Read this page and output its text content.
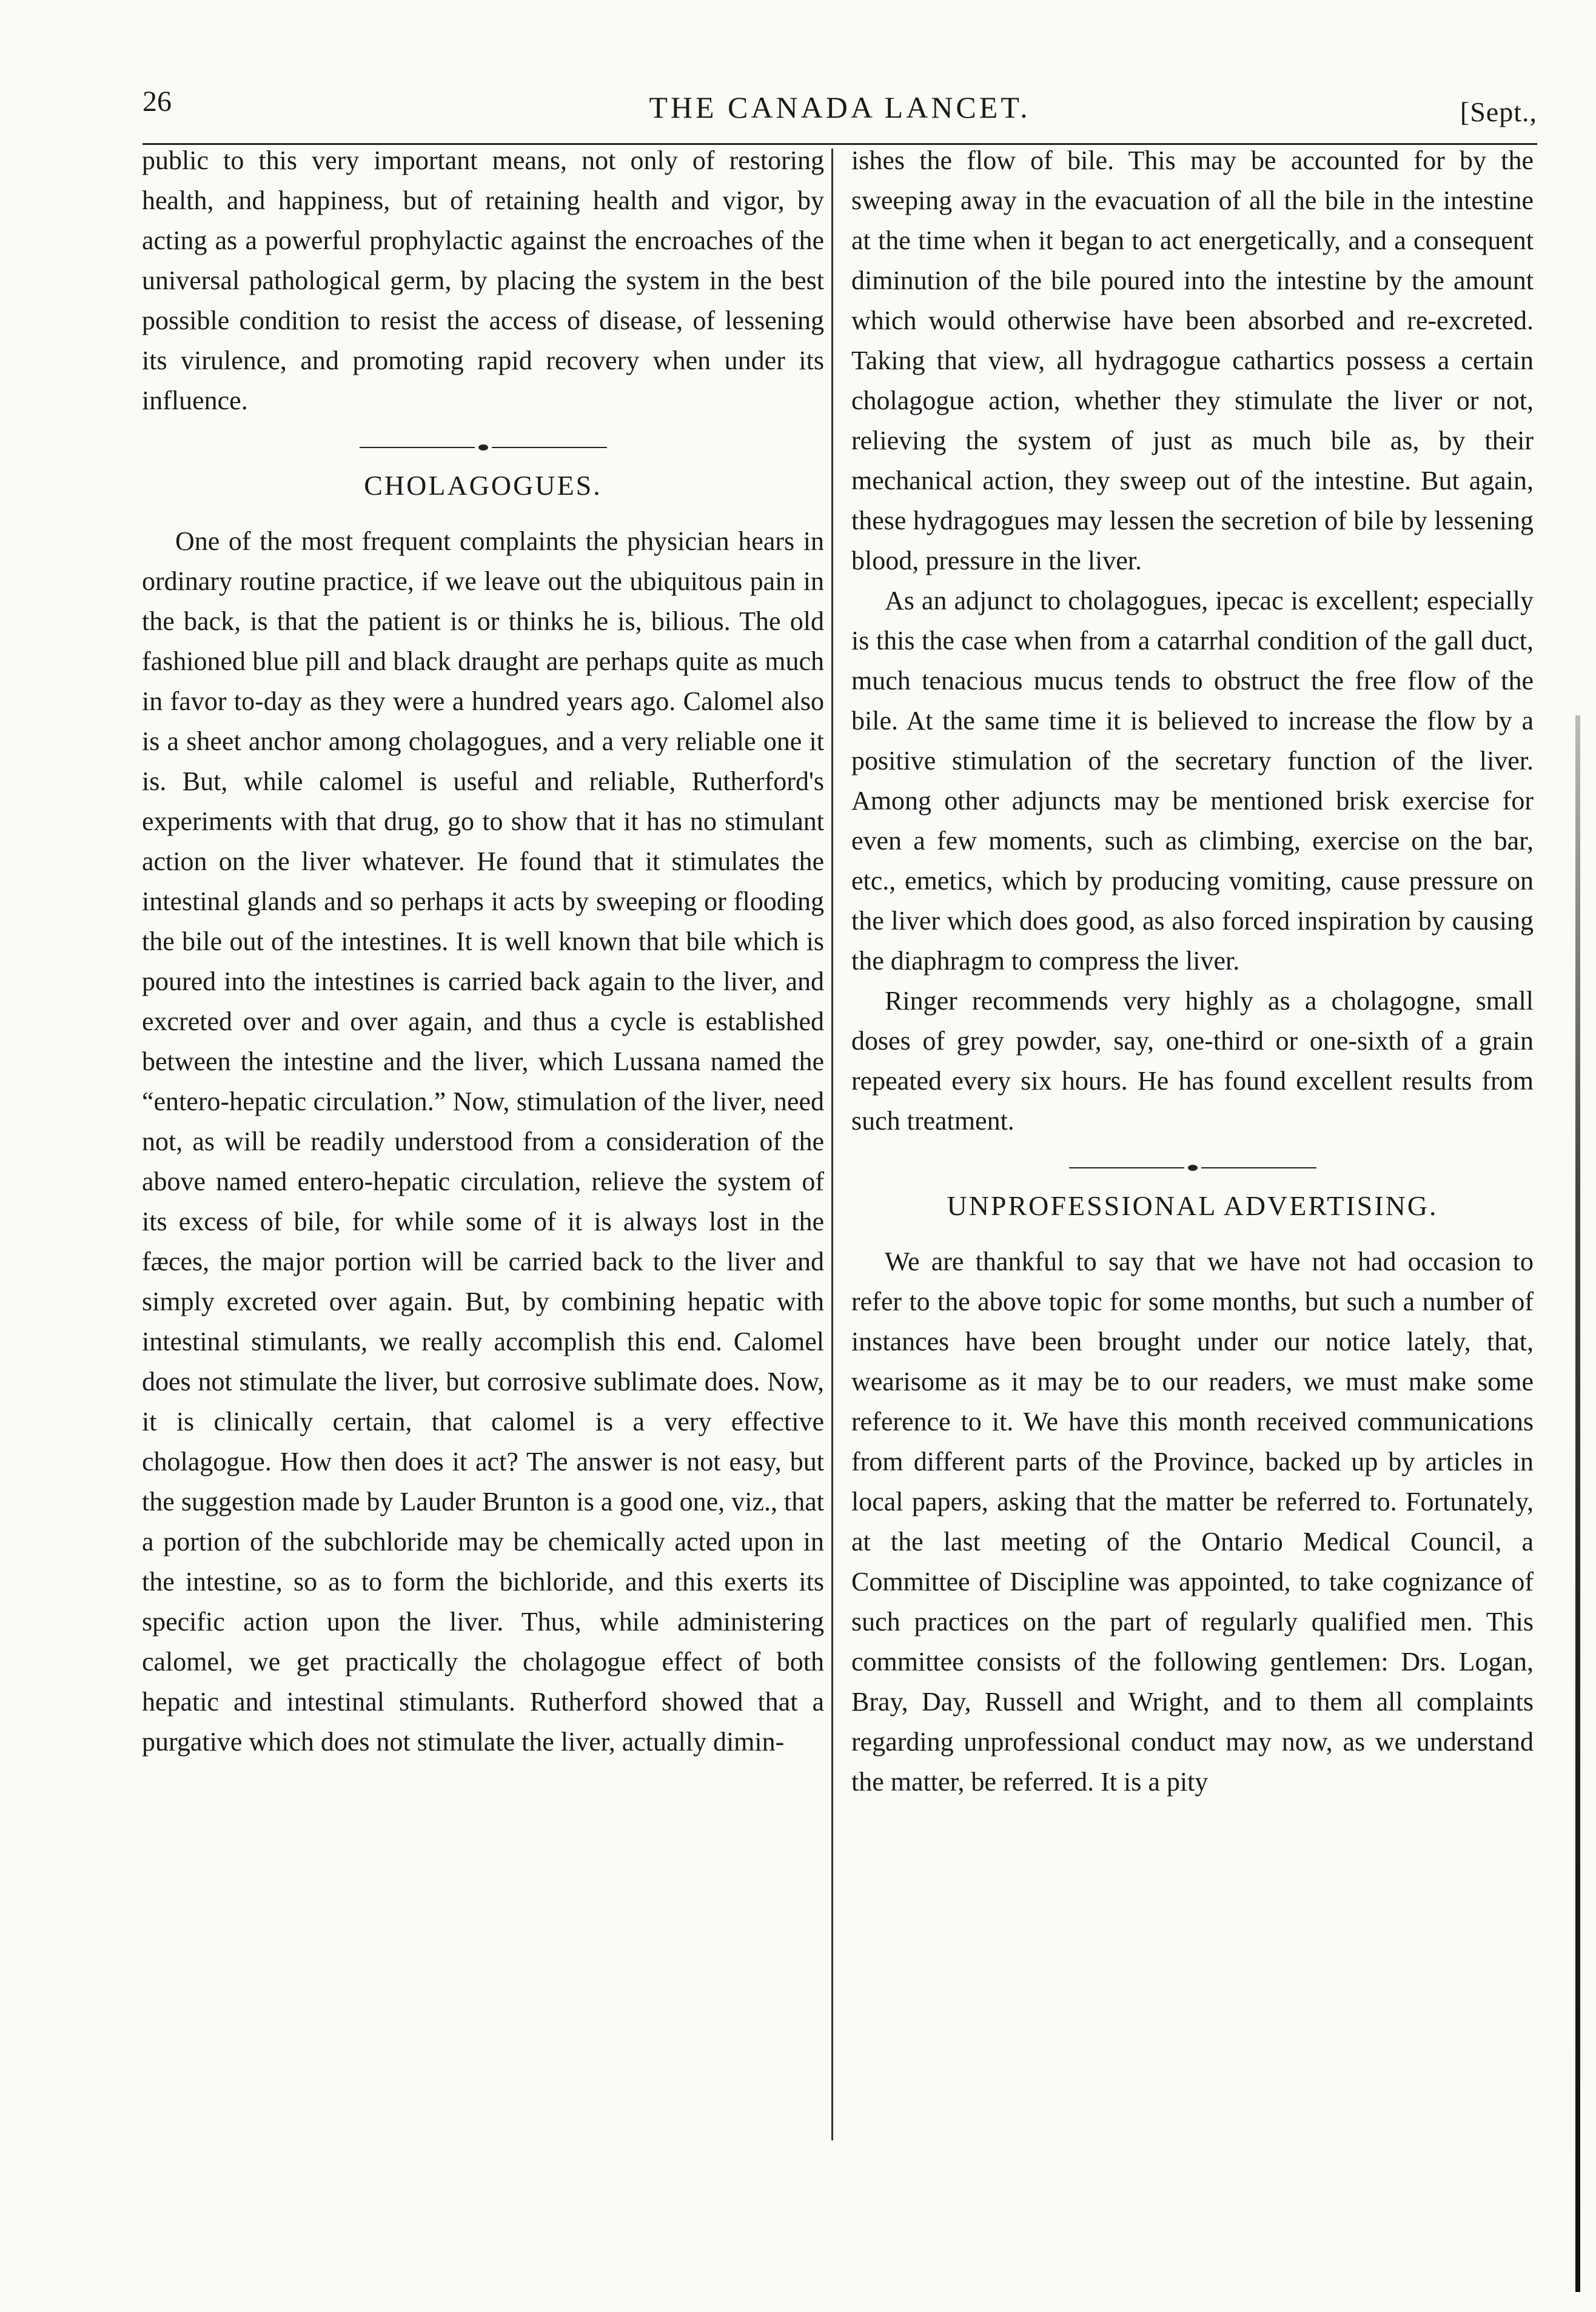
26	THE CANADA LANCET.	[Sept.,

public to this very important means, not only of restoring health, and happiness, but of retaining health and vigor, by acting as a powerful prophylactic against the encroaches of the universal pathological germ, by placing the system in the best possible condition to resist the access of disease, of lessening its virulence, and promoting rapid recovery when under its influence.

CHOLAGOGUES.

One of the most frequent complaints the physician hears in ordinary routine practice, if we leave out the ubiquitous pain in the back, is that the patient is or thinks he is, bilious. The old fashioned blue pill and black draught are perhaps quite as much in favor to-day as they were a hundred years ago. Calomel also is a sheet anchor among cholagogues, and a very reliable one it is. But, while calomel is useful and reliable, Rutherford's experiments with that drug, go to show that it has no stimulant action on the liver whatever. He found that it stimulates the intestinal glands and so perhaps it acts by sweeping or flooding the bile out of the intestines. It is well known that bile which is poured into the intestines is carried back again to the liver, and excreted over and over again, and thus a cycle is established between the intestine and the liver, which Lussana named the “entero-hepatic circulation.” Now, stimulation of the liver, need not, as will be readily understood from a consideration of the above named entero-hepatic circulation, relieve the system of its excess of bile, for while some of it is always lost in the fæces, the major portion will be carried back to the liver and simply excreted over again. But, by combining hepatic with intestinal stimulants, we really accomplish this end. Calomel does not stimulate the liver, but corrosive sublimate does. Now, it is clinically certain, that calomel is a very effective cholagogue. How then does it act? The answer is not easy, but the suggestion made by Lauder Brunton is a good one, viz., that a portion of the subchloride may be chemically acted upon in the intestine, so as to form the bichloride, and this exerts its specific action upon the liver. Thus, while administering calomel, we get practically the cholagogue effect of both hepatic and intestinal stimulants. Rutherford showed that a purgative which does not stimulate the liver, actually dimin-

ishes the flow of bile. This may be accounted for by the sweeping away in the evacuation of all the bile in the intestine at the time when it began to act energetically, and a consequent diminution of the bile poured into the intestine by the amount which would otherwise have been absorbed and re-excreted. Taking that view, all hydragogue cathartics possess a certain cholagogue action, whether they stimulate the liver or not, relieving the system of just as much bile as, by their mechanical action, they sweep out of the intestine. But again, these hydragogues may lessen the secretion of bile by lessening blood, pressure in the liver.

As an adjunct to cholagogues, ipecac is excellent; especially is this the case when from a catarrhal condition of the gall duct, much tenacious mucus tends to obstruct the free flow of the bile. At the same time it is believed to increase the flow by a positive stimulation of the secretary function of the liver. Among other adjuncts may be mentioned brisk exercise for even a few moments, such as climbing, exercise on the bar, etc., emetics, which by producing vomiting, cause pressure on the liver which does good, as also forced inspiration by causing the diaphragm to compress the liver.

Ringer recommends very highly as a cholagogne, small doses of grey powder, say, one-third or one-sixth of a grain repeated every six hours. He has found excellent results from such treatment.

UNPROFESSIONAL ADVERTISING.

We are thankful to say that we have not had occasion to refer to the above topic for some months, but such a number of instances have been brought under our notice lately, that, wearisome as it may be to our readers, we must make some reference to it. We have this month received communications from different parts of the Province, backed up by articles in local papers, asking that the matter be referred to. Fortunately, at the last meeting of the Ontario Medical Council, a Committee of Discipline was appointed, to take cognizance of such practices on the part of regularly qualified men. This committee consists of the following gentlemen: Drs. Logan, Bray, Day, Russell and Wright, and to them all complaints regarding unprofessional conduct may now, as we understand the matter, be referred. It is a pity
